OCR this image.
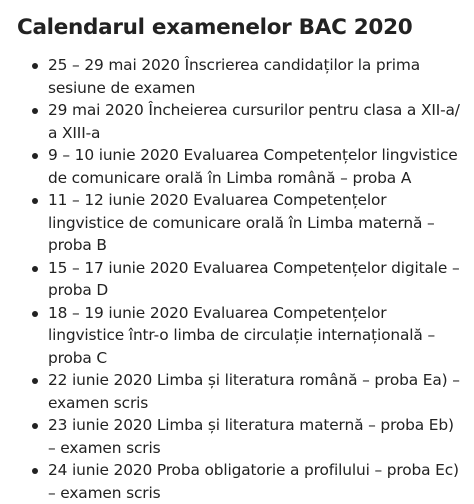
Calendarul examenelor BAC 2020
25 – 29 mai 2020 Înscrierea candidaților la prima sesiune de examen
29 mai 2020 Încheierea cursurilor pentru clasa a XII-a/ a XIII-a
9 – 10 iunie 2020 Evaluarea Competențelor lingvistice de comunicare orală în Limba română – proba A
11 – 12 iunie 2020 Evaluarea Competențelor lingvistice de comunicare orală în Limba maternă – proba B
15 – 17 iunie 2020 Evaluarea Competențelor digitale – proba D
18 – 19 iunie 2020 Evaluarea Competențelor lingvistice într-o limba de circulație internațională – proba C
22 iunie 2020 Limba și literatura română – proba Ea) – examen scris
23 iunie 2020 Limba și literatura maternă – proba Eb) – examen scris
24 iunie 2020 Proba obligatorie a profilului – proba Ec) – examen scris
